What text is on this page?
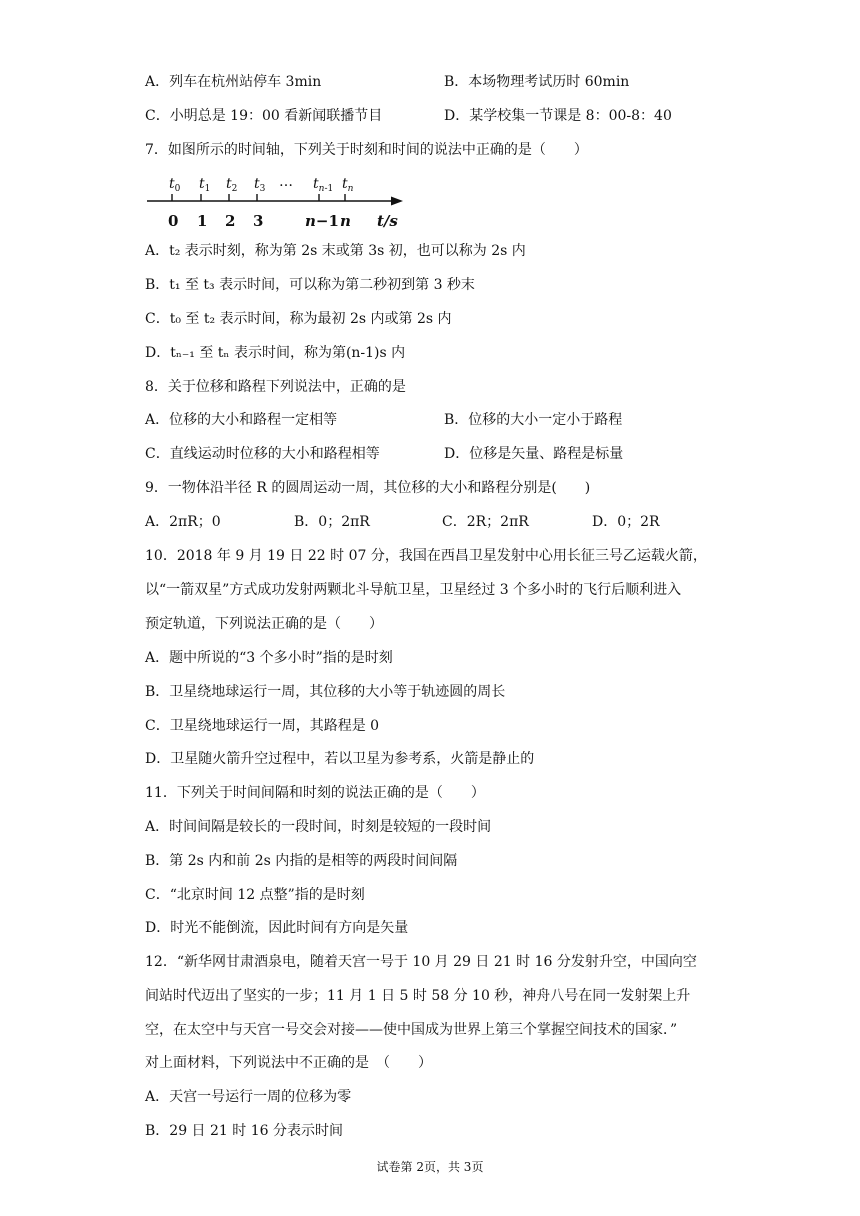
A．列车在杭州站停车 3min	B．本场物理考试历时 60min
C．小明总是 19：00 看新闻联播节目	D．某学校集一节课是 8：00-8：40
7．如图所示的时间轴，下列关于时刻和时间的说法中正确的是（　　）
$t_0$ $t_1$ $t_2$ $t_3$ … $t_n-1$ $t_n$
0 1 2 3	n−1 n t/s
A．t₂ 表示时刻，称为第 2s 末或第 3s 初，也可以称为 2s 内
B．t₁ 至 t₃ 表示时间，可以称为第二秒初到第 3 秒末
C．t₀ 至 t₂ 表示时间，称为最初 2s 内或第 2s 内
D．tₙ₋₁ 至 tₙ 表示时间，称为第(n-1)s 内
8．关于位移和路程下列说法中，正确的是
A．位移的大小和路程一定相等	B．位移的大小一定小于路程
C．直线运动时位移的大小和路程相等	D．位移是矢量、路程是标量
9．一物体沿半径 R 的圆周运动一周，其位移的大小和路程分别是(　　)
A．2πR；0	B．0；2πR	C．2R；2πR	D．0；2R
10．2018 年 9 月 19 日 22 时 07 分，我国在西昌卫星发射中心用长征三号乙运载火箭，
以“一箭双星”方式成功发射两颗北斗导航卫星，卫星经过 3 个多小时的飞行后顺利进入
预定轨道，下列说法正确的是（　　）
A．题中所说的“3 个多小时”指的是时刻
B．卫星绕地球运行一周，其位移的大小等于轨迹圆的周长
C．卫星绕地球运行一周，其路程是 0
D．卫星随火箭升空过程中，若以卫星为参考系，火箭是静止的
11．下列关于时间间隔和时刻的说法正确的是（　　）
A．时间间隔是较长的一段时间，时刻是较短的一段时间
B．第 2s 内和前 2s 内指的是相等的两段时间间隔
C．“北京时间 12 点整”指的是时刻
D．时光不能倒流，因此时间有方向是矢量
12．“新华网甘肃酒泉电，随着天宫一号于 10 月 29 日 21 时 16 分发射升空，中国向空
间站时代迈出了坚实的一步；11 月 1 日 5 时 58 分 10 秒，神舟八号在同一发射架上升
空，在太空中与天宫一号交会对接——使中国成为世界上第三个掌握空间技术的国家．”
对上面材料，下列说法中不正确的是　（　　）
A．天宫一号运行一周的位移为零
B．29 日 21 时 16 分表示时间
试卷第 2页，共 3页
